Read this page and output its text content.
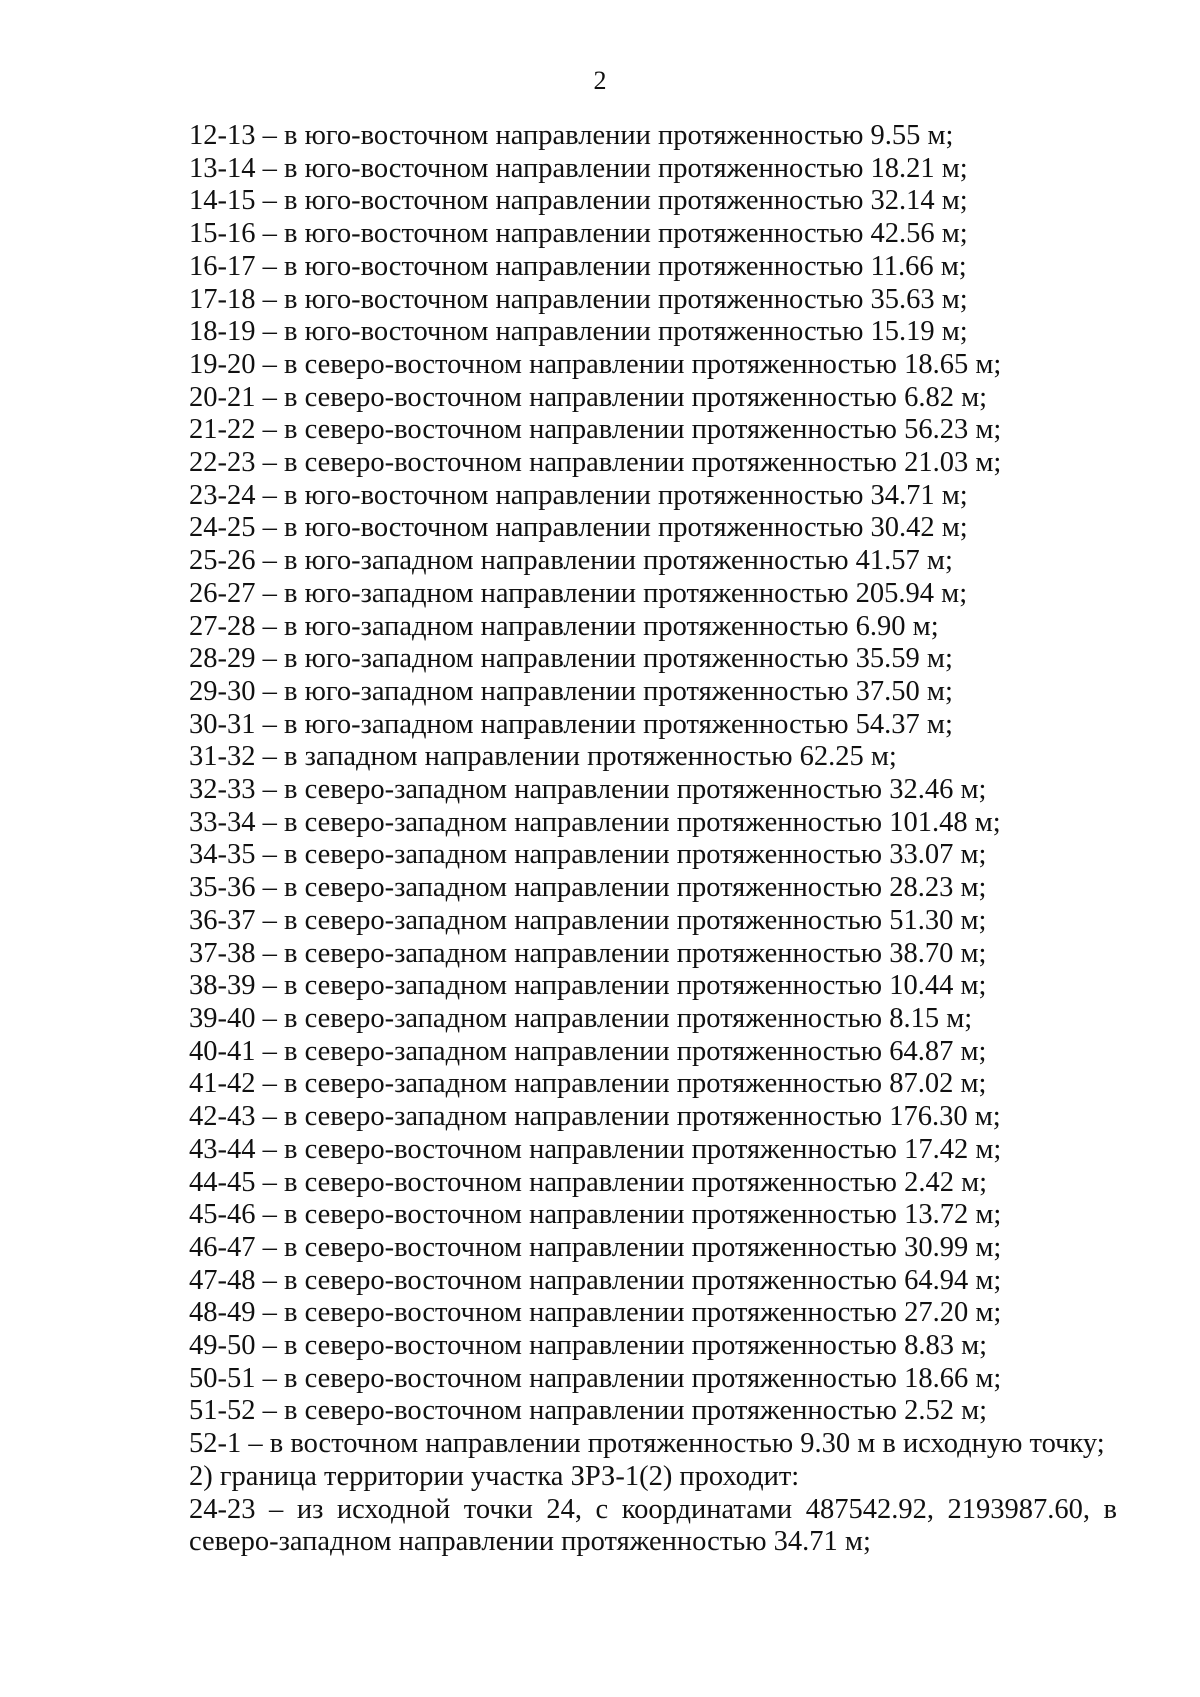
2
12-13 – в юго-восточном направлении протяженностью 9.55 м;
13-14 – в юго-восточном направлении протяженностью 18.21 м;
14-15 – в юго-восточном направлении протяженностью 32.14 м;
15-16 – в юго-восточном направлении протяженностью 42.56 м;
16-17 – в юго-восточном направлении протяженностью 11.66 м;
17-18 – в юго-восточном направлении протяженностью 35.63 м;
18-19 – в юго-восточном направлении протяженностью 15.19 м;
19-20 – в северо-восточном направлении протяженностью 18.65 м;
20-21 – в северо-восточном направлении протяженностью 6.82 м;
21-22 – в северо-восточном направлении протяженностью 56.23 м;
22-23 – в северо-восточном направлении протяженностью 21.03 м;
23-24 – в юго-восточном направлении протяженностью 34.71 м;
24-25 – в юго-восточном направлении протяженностью 30.42 м;
25-26 – в юго-западном направлении протяженностью 41.57 м;
26-27 – в юго-западном направлении протяженностью 205.94 м;
27-28 – в юго-западном направлении протяженностью 6.90 м;
28-29 – в юго-западном направлении протяженностью 35.59 м;
29-30 – в юго-западном направлении протяженностью 37.50 м;
30-31 – в юго-западном направлении протяженностью 54.37 м;
31-32 – в западном направлении протяженностью 62.25 м;
32-33 – в северо-западном направлении протяженностью 32.46 м;
33-34 – в северо-западном направлении протяженностью 101.48 м;
34-35 – в северо-западном направлении протяженностью 33.07 м;
35-36 – в северо-западном направлении протяженностью 28.23 м;
36-37 – в северо-западном направлении протяженностью 51.30 м;
37-38 – в северо-западном направлении протяженностью 38.70 м;
38-39 – в северо-западном направлении протяженностью 10.44 м;
39-40 – в северо-западном направлении протяженностью 8.15 м;
40-41 – в северо-западном направлении протяженностью 64.87 м;
41-42 – в северо-западном направлении протяженностью 87.02 м;
42-43 – в северо-западном направлении протяженностью 176.30 м;
43-44 – в северо-восточном направлении протяженностью 17.42 м;
44-45 – в северо-восточном направлении протяженностью 2.42 м;
45-46 – в северо-восточном направлении протяженностью 13.72 м;
46-47 – в северо-восточном направлении протяженностью 30.99 м;
47-48 – в северо-восточном направлении протяженностью 64.94 м;
48-49 – в северо-восточном направлении протяженностью 27.20 м;
49-50 – в северо-восточном направлении протяженностью 8.83 м;
50-51 – в северо-восточном направлении протяженностью 18.66 м;
51-52 – в северо-восточном направлении протяженностью 2.52 м;
52-1 – в восточном направлении протяженностью 9.30 м в исходную точку;
2) граница территории участка ЗРЗ-1(2) проходит:
24-23 – из исходной точки 24, с координатами 487542.92, 2193987.60, в северо-западном направлении протяженностью 34.71 м;
